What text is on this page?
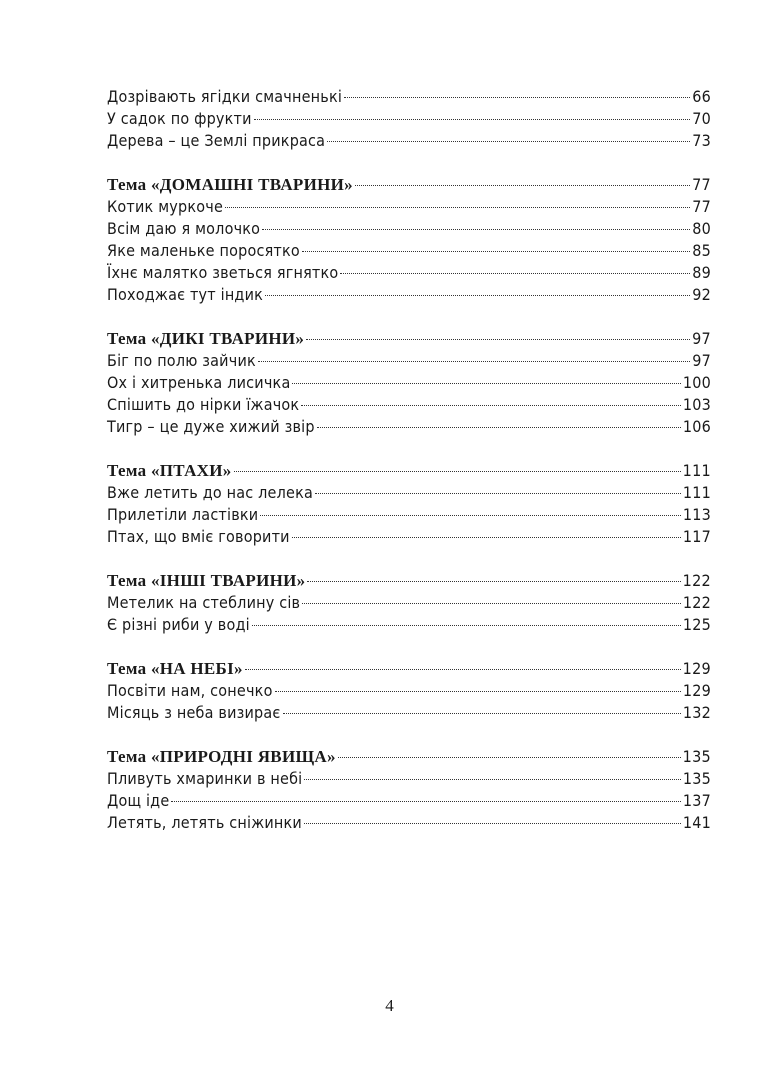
Дозрівають ягідки смачненькі	66
У садок по фрукти	70
Дерева – це Землі прикраса	73
Тема «ДОМАШНІ ТВАРИНИ»	77
Котик муркоче	77
Всім даю я молочко	80
Яке маленьке поросятко	85
Їхнє малятко зветься ягнятко	89
Походжає тут індик	92
Тема «ДИКІ ТВАРИНИ»	97
Біг по полю зайчик	97
Ох і хитренька лисичка	100
Спішить до нірки їжачок	103
Тигр – це дуже хижий звір	106
Тема «ПТАХИ»	111
Вже летить до нас лелека	111
Прилетіли ластівки	113
Птах, що вміє говорити	117
Тема «ІНШІ ТВАРИНИ»	122
Метелик на стеблину сів	122
Є різні риби у воді	125
Тема «НА НЕБІ»	129
Посвіти нам, сонечко	129
Місяць з неба визирає	132
Тема «ПРИРОДНІ ЯВИЩА»	135
Пливуть хмаринки в небі	135
Дощ іде	137
Летять, летять сніжинки	141
4
